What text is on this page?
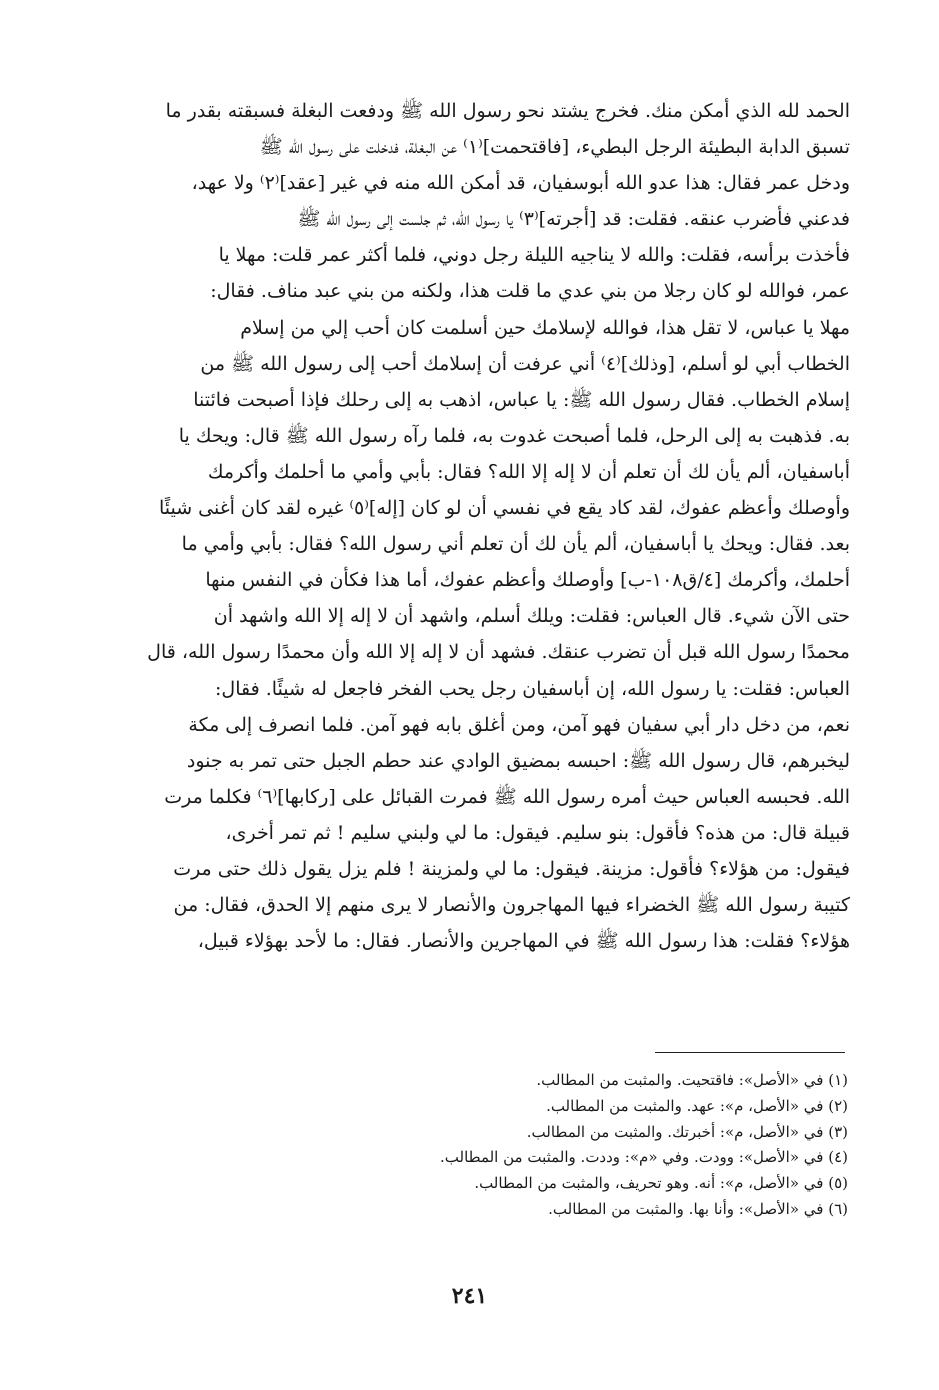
الحمد لله الذي أمكن منك. فخرج يشتد نحو رسول الله ﷺ ودفعت البغلة فسبقته بقدر ما
تسبق الدابة البطيئة الرجل البطيء، [فاقتحمت]⁽١⁾ عن البغلة، فدخلت على رسول الله ﷺ
ودخل عمر فقال: هذا عدو الله أبوسفيان، قد أمكن الله منه في غير [عقد]⁽٢⁾ ولا عهد،
فدعني فأضرب عنقه. فقلت: قد [أجرته]⁽٣⁾ يا رسول الله، ثم جلست إلى رسول الله ﷺ
فأخذت برأسه، فقلت: والله لا يناجيه الليلة رجل دوني، فلما أكثر عمر قلت: مهلا يا
عمر، فوالله لو كان رجلا من بني عدي ما قلت هذا، ولكنه من بني عبد مناف. فقال:
مهلا يا عباس، لا تقل هذا، فوالله لإسلامك حين أسلمت كان أحب إلي من إسلام
الخطاب أبي لو أسلم، [وذلك]⁽٤⁾ أني عرفت أن إسلامك أحب إلى رسول الله ﷺ من
إسلام الخطاب. فقال رسول الله ﷺ: يا عباس، اذهب به إلى رحلك فإذا أصبحت فائتنا
به. فذهبت به إلى الرحل، فلما أصبحت غدوت به، فلما رآه رسول الله ﷺ قال: ويحك يا
أباسفيان، ألم يأن لك أن تعلم أن لا إله إلا الله؟ فقال: بأبي وأمي ما أحلمك وأكرمك
وأوصلك وأعظم عفوك، لقد كاد يقع في نفسي أن لو كان [إله]⁽٥⁾ غيره لقد كان أغنى شيئًا
بعد. فقال: ويحك يا أباسفيان، ألم يأن لك أن تعلم أني رسول الله؟ فقال: بأبي وأمي ما
أحلمك، وأكرمك [٤/ق١٠٨-ب] وأوصلك وأعظم عفوك، أما هذا فكأن في النفس منها
حتى الآن شيء. قال العباس: فقلت: ويلك أسلم، واشهد أن لا إله إلا الله واشهد أن
محمدًا رسول الله قبل أن تضرب عنقك. فشهد أن لا إله إلا الله وأن محمدًا رسول الله، قال
العباس: فقلت: يا رسول الله، إن أباسفيان رجل يحب الفخر فاجعل له شيئًا. فقال:
نعم، من دخل دار أبي سفيان فهو آمن، ومن أغلق بابه فهو آمن. فلما انصرف إلى مكة
ليخبرهم، قال رسول الله ﷺ: احبسه بمضيق الوادي عند حطم الجبل حتى تمر به جنود
الله. فحبسه العباس حيث أمره رسول الله ﷺ فمرت القبائل على [ركابها]⁽٦⁾ فكلما مرت
قبيلة قال: من هذه؟ فأقول: بنو سليم. فيقول: ما لي ولبني سليم ! ثم تمر أخرى،
فيقول: من هؤلاء؟ فأقول: مزينة. فيقول: ما لي ولمزينة ! فلم يزل يقول ذلك حتى مرت
كتيبة رسول الله ﷺ الخضراء فيها المهاجرون والأنصار لا يرى منهم إلا الحدق، فقال: من
هؤلاء؟ فقلت: هذا رسول الله ﷺ في المهاجرين والأنصار. فقال: ما لأحد بهؤلاء قبيل،
(١) في «الأصل»: فاقتحيت. والمثبت من المطالب.
(٢) في «الأصل، م»: عهد. والمثبت من المطالب.
(٣) في «الأصل، م»: أخبرتك. والمثبت من المطالب.
(٤) في «الأصل»: وودت. وفي «م»: وددت. والمثبت من المطالب.
(٥) في «الأصل، م»: أنه. وهو تحريف، والمثبت من المطالب.
(٦) في «الأصل»: وأنا بها. والمثبت من المطالب.
٢٤١
